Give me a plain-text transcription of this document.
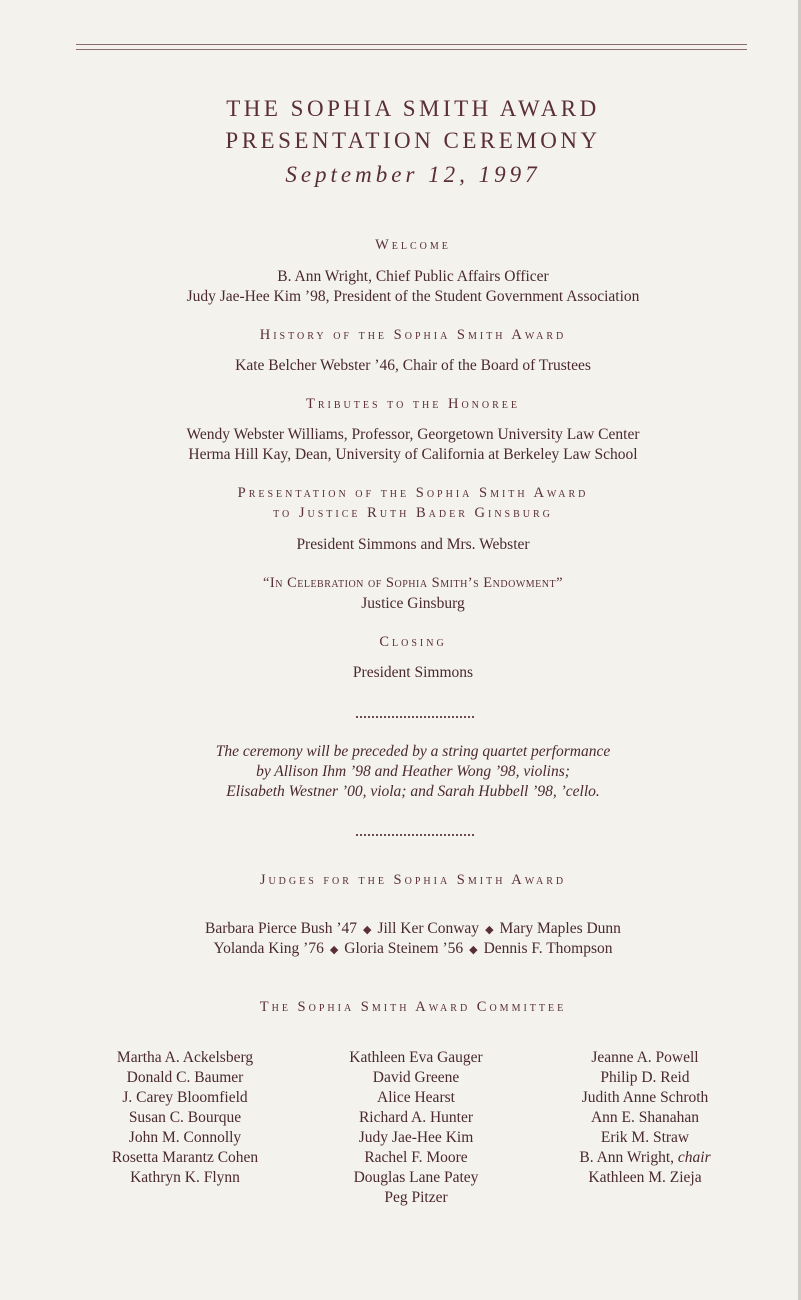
THE SOPHIA SMITH AWARD
PRESENTATION CEREMONY
September 12, 1997
Welcome
B. Ann Wright, Chief Public Affairs Officer
Judy Jae-Hee Kim ’98, President of the Student Government Association
History of the Sophia Smith Award
Kate Belcher Webster ’46, Chair of the Board of Trustees
Tributes to the Honoree
Wendy Webster Williams, Professor, Georgetown University Law Center
Herma Hill Kay, Dean, University of California at Berkeley Law School
Presentation of the Sophia Smith Award
to Justice Ruth Bader Ginsburg
President Simmons and Mrs. Webster
“In Celebration of Sophia Smith’s Endowment”
Justice Ginsburg
Closing
President Simmons
The ceremony will be preceded by a string quartet performance
by Allison Ihm ’98 and Heather Wong ’98, violins;
Elisabeth Westner ’00, viola; and Sarah Hubbell ’98, ’cello.
Judges for the Sophia Smith Award
Barbara Pierce Bush ’47 ◆ Jill Ker Conway ◆ Mary Maples Dunn
Yolanda King ’76 ◆ Gloria Steinem ’56 ◆ Dennis F. Thompson
The Sophia Smith Award Committee
Martha A. Ackelsberg
Donald C. Baumer
J. Carey Bloomfield
Susan C. Bourque
John M. Connolly
Rosetta Marantz Cohen
Kathryn K. Flynn
Kathleen Eva Gauger
David Greene
Alice Hearst
Richard A. Hunter
Judy Jae-Hee Kim
Rachel F. Moore
Douglas Lane Patey
Peg Pitzer
Jeanne A. Powell
Philip D. Reid
Judith Anne Schroth
Ann E. Shanahan
Erik M. Straw
B. Ann Wright, chair
Kathleen M. Zieja
